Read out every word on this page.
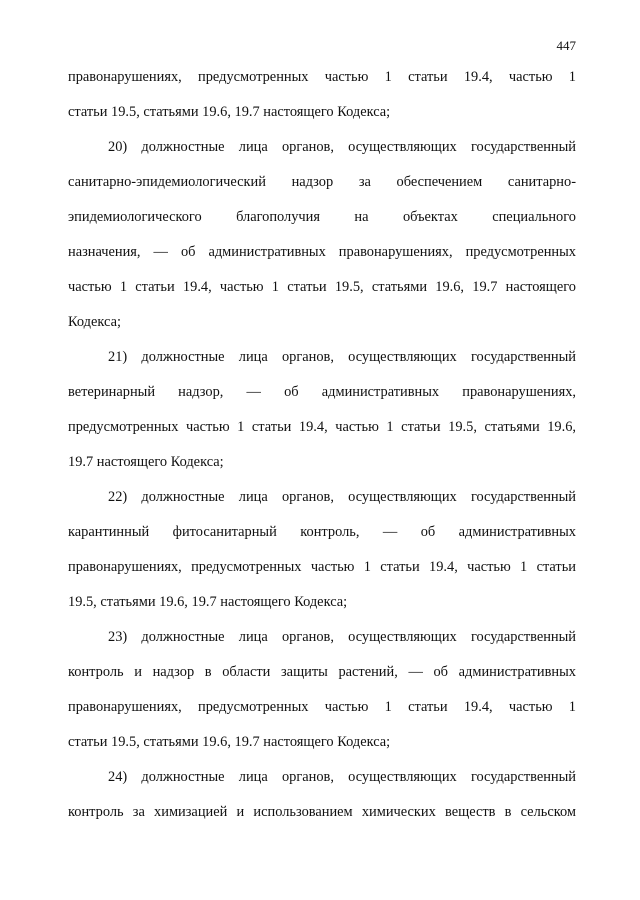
447
правонарушениях, предусмотренных частью 1 статьи 19.4, частью 1
статьи 19.5, статьями 19.6, 19.7 настоящего Кодекса;
20) должностные лица органов, осуществляющих государственный
санитарно-эпидемиологический надзор за обеспечением санитарно-
эпидемиологического благополучия на объектах специального
назначения, — об административных правонарушениях, предусмотренных
частью 1 статьи 19.4, частью 1 статьи 19.5, статьями 19.6, 19.7 настоящего
Кодекса;
21) должностные лица органов, осуществляющих государственный
ветеринарный надзор, — об административных правонарушениях,
предусмотренных частью 1 статьи 19.4, частью 1 статьи 19.5, статьями 19.6,
19.7 настоящего Кодекса;
22) должностные лица органов, осуществляющих государственный
карантинный фитосанитарный контроль, — об административных
правонарушениях, предусмотренных частью 1 статьи 19.4, частью 1 статьи
19.5, статьями 19.6, 19.7 настоящего Кодекса;
23) должностные лица органов, осуществляющих государственный
контроль и надзор в области защиты растений, — об административных
правонарушениях, предусмотренных частью 1 статьи 19.4, частью 1
статьи 19.5, статьями 19.6, 19.7 настоящего Кодекса;
24) должностные лица органов, осуществляющих государственный
контроль за химизацией и использованием химических веществ в сельском
